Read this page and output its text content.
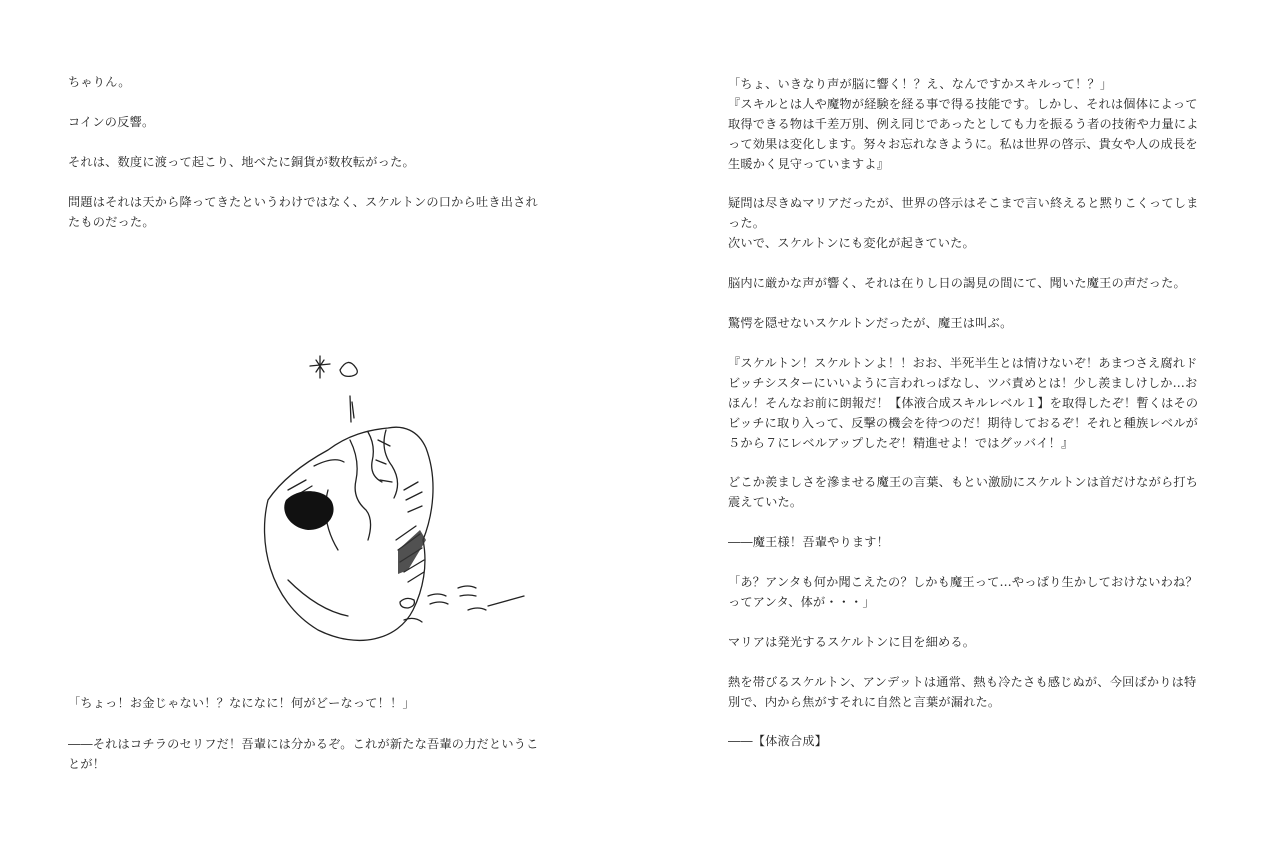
ちゃりん。

コインの反響。

それは、数度に渡って起こり、地べたに銅貨が数枚転がった。

問題はそれは天から降ってきたというわけではなく、スケルトンの口から吐き出されたものだった。

「ちょっ！お金じゃない！？なになに！何がどーなって！！」

――それはコチラのセリフだ！吾輩には分かるぞ。これが新たな吾輩の力だということが！

「ちょ、いきなり声が脳に響く！？え、なんですかスキルって！？」

『スキルとは人や魔物が経験を経る事で得る技能です。しかし、それは個体によって取得できる物は千差万別、例え同じであったとしても力を振るう者の技術や力量によって効果は変化します。努々お忘れなきように。私は世界の啓示、貴女や人の成長を生暖かく見守っていますよ』

疑問は尽きぬマリアだったが、世界の啓示はそこまで言い終えると黙りこくってしまった。

次いで、スケルトンにも変化が起きていた。

脳内に厳かな声が響く、それは在りし日の謁見の間にて、聞いた魔王の声だった。

驚愕を隠せないスケルトンだったが、魔王は叫ぶ。

『スケルトン！スケルトンよ！！おお、半死半生とは情けないぞ！あまつさえ腐れドビッチシスターにいいように言われっぱなし、ツバ責めとは！少し羨ましけしか…おほん！そんなお前に朗報だ！【体液合成スキルレベル１】を取得したぞ！暫くはそのビッチに取り入って、反撃の機会を待つのだ！期待しておるぞ！それと種族レベルが５から７にレベルアップしたぞ！精進せよ！ではグッバイ！』

どこか羨ましさを滲ませる魔王の言葉、もとい激励にスケルトンは首だけながら打ち震えていた。

――魔王様！吾輩やります！

「あ？アンタも何か聞こえたの？しかも魔王って…やっぱり生かしておけないわね？ってアンタ、体が・・・」

マリアは発光するスケルトンに目を細める。

熱を帯びるスケルトン、アンデットは通常、熱も冷たさも感じぬが、今回ばかりは特別で、内から焦がすそれに自然と言葉が漏れた。

――【体液合成】
